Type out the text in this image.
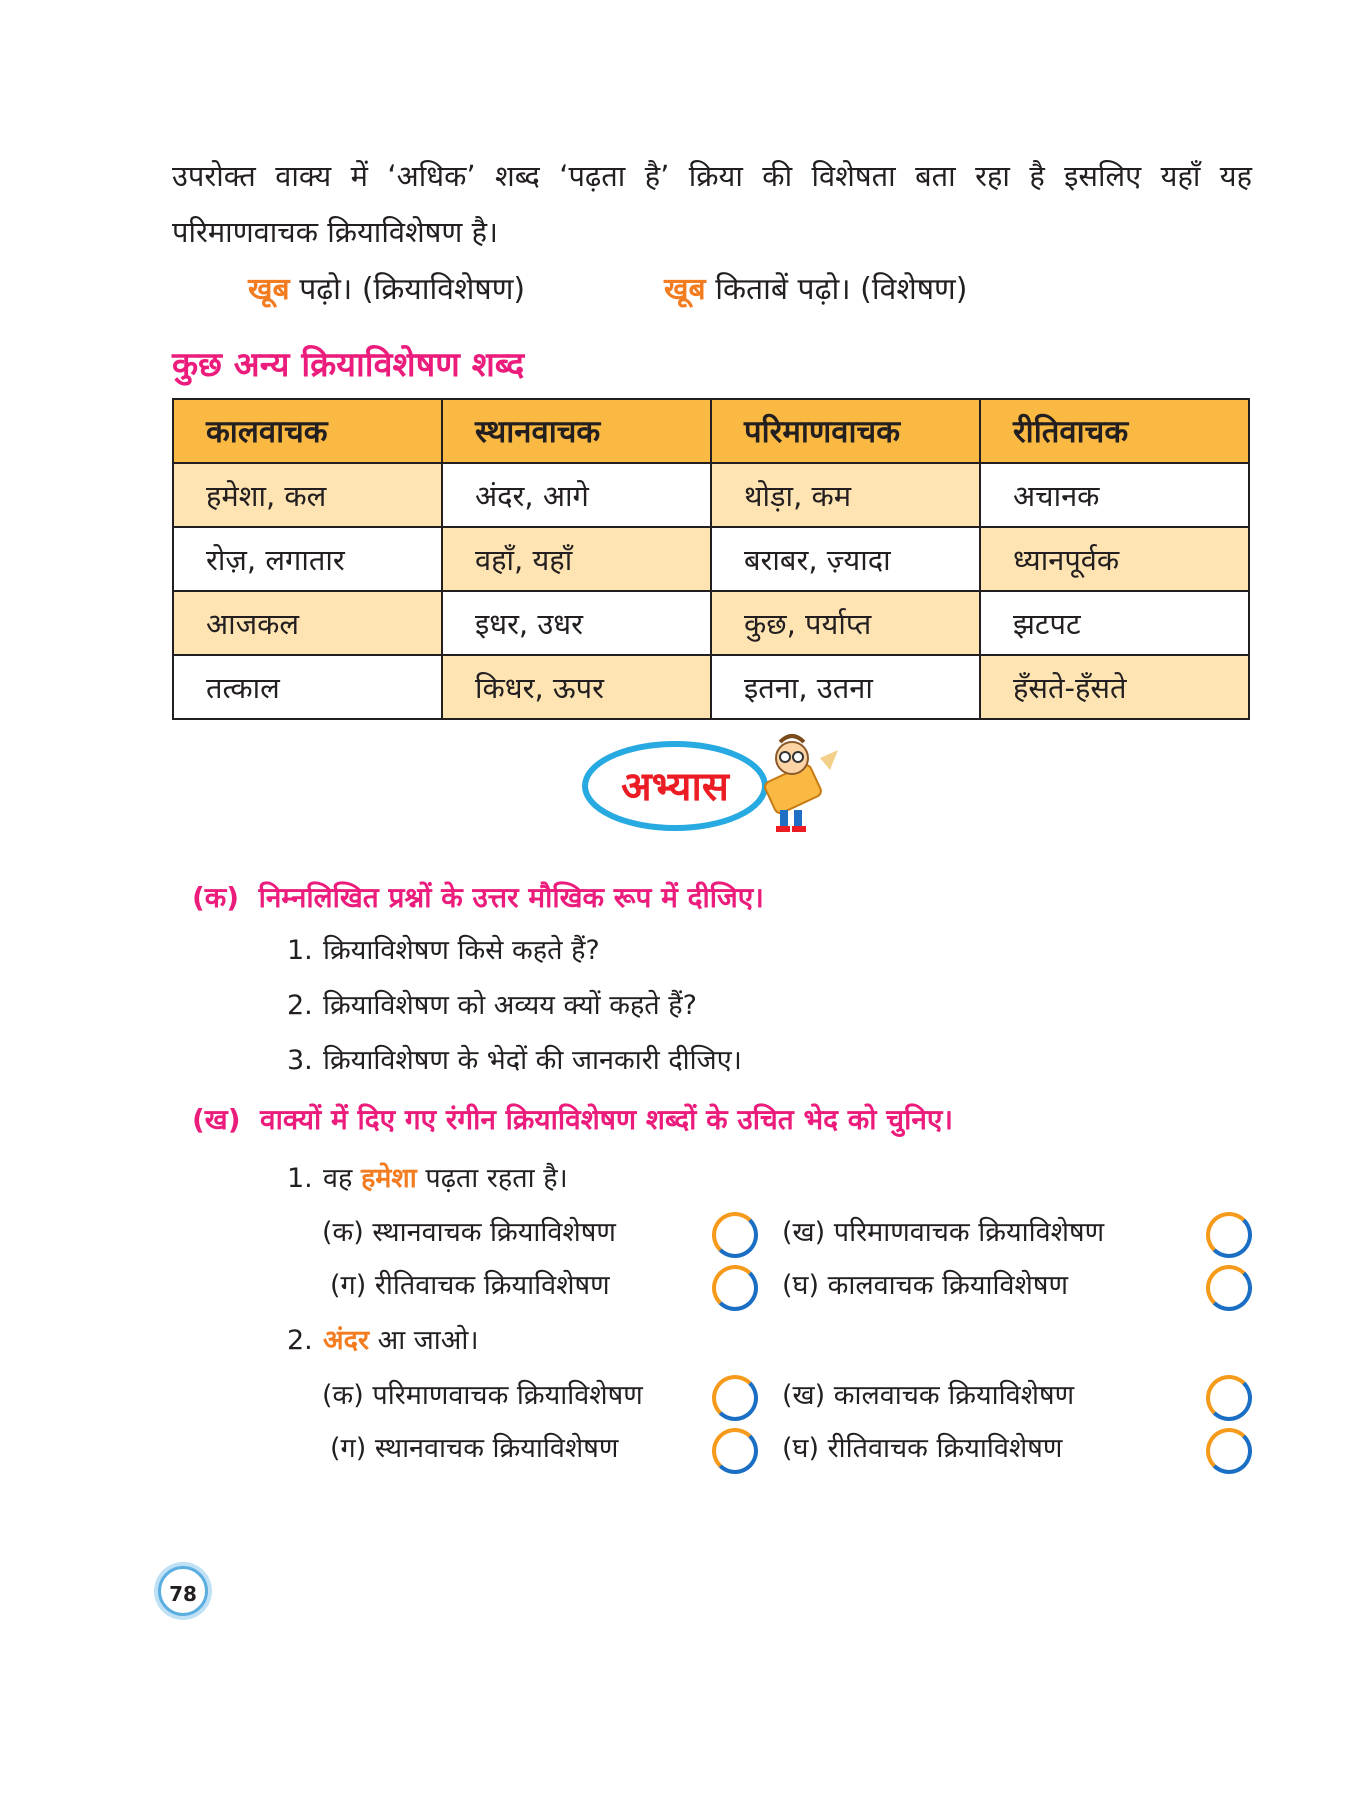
उपरोक्त वाक्य में ‘अधिक’ शब्द ‘पढ़ता है’ क्रिया की विशेषता बता रहा है इसलिए यहाँ यह परिमाणवाचक क्रियाविशेषण है।

खूब पढ़ो। (क्रियाविशेषण)	खूब किताबें पढ़ो। (विशेषण)
कुछ अन्य क्रियाविशेषण शब्द
कालवाचक	स्थानवाचक	परिमाणवाचक	रीतिवाचक
हमेशा, कल	अंदर, आगे	थोड़ा, कम	अचानक
रोज़, लगातार	वहाँ, यहाँ	बराबर, ज़्यादा	ध्यानपूर्वक
आजकल	इधर, उधर	कुछ, पर्याप्त	झटपट
तत्काल	किधर, ऊपर	इतना, उतना	हँसते-हँसते
अभ्यास

(क) निम्नलिखित प्रश्नों के उत्तर मौखिक रूप में दीजिए।

1. क्रियाविशेषण किसे कहते हैं?
2. क्रियाविशेषण को अव्यय क्यों कहते हैं?
3. क्रियाविशेषण के भेदों की जानकारी दीजिए।

(ख) वाक्यों में दिए गए रंगीन क्रियाविशेषण शब्दों के उचित भेद को चुनिए।

1. वह हमेशा पढ़ता रहता है।
(क) स्थानवाचक क्रियाविशेषण	(ख) परिमाणवाचक क्रियाविशेषण
(ग) रीतिवाचक क्रियाविशेषण	(घ) कालवाचक क्रियाविशेषण
2. अंदर आ जाओ।
(क) परिमाणवाचक क्रियाविशेषण	(ख) कालवाचक क्रियाविशेषण
(ग) स्थानवाचक क्रियाविशेषण	(घ) रीतिवाचक क्रियाविशेषण
78
